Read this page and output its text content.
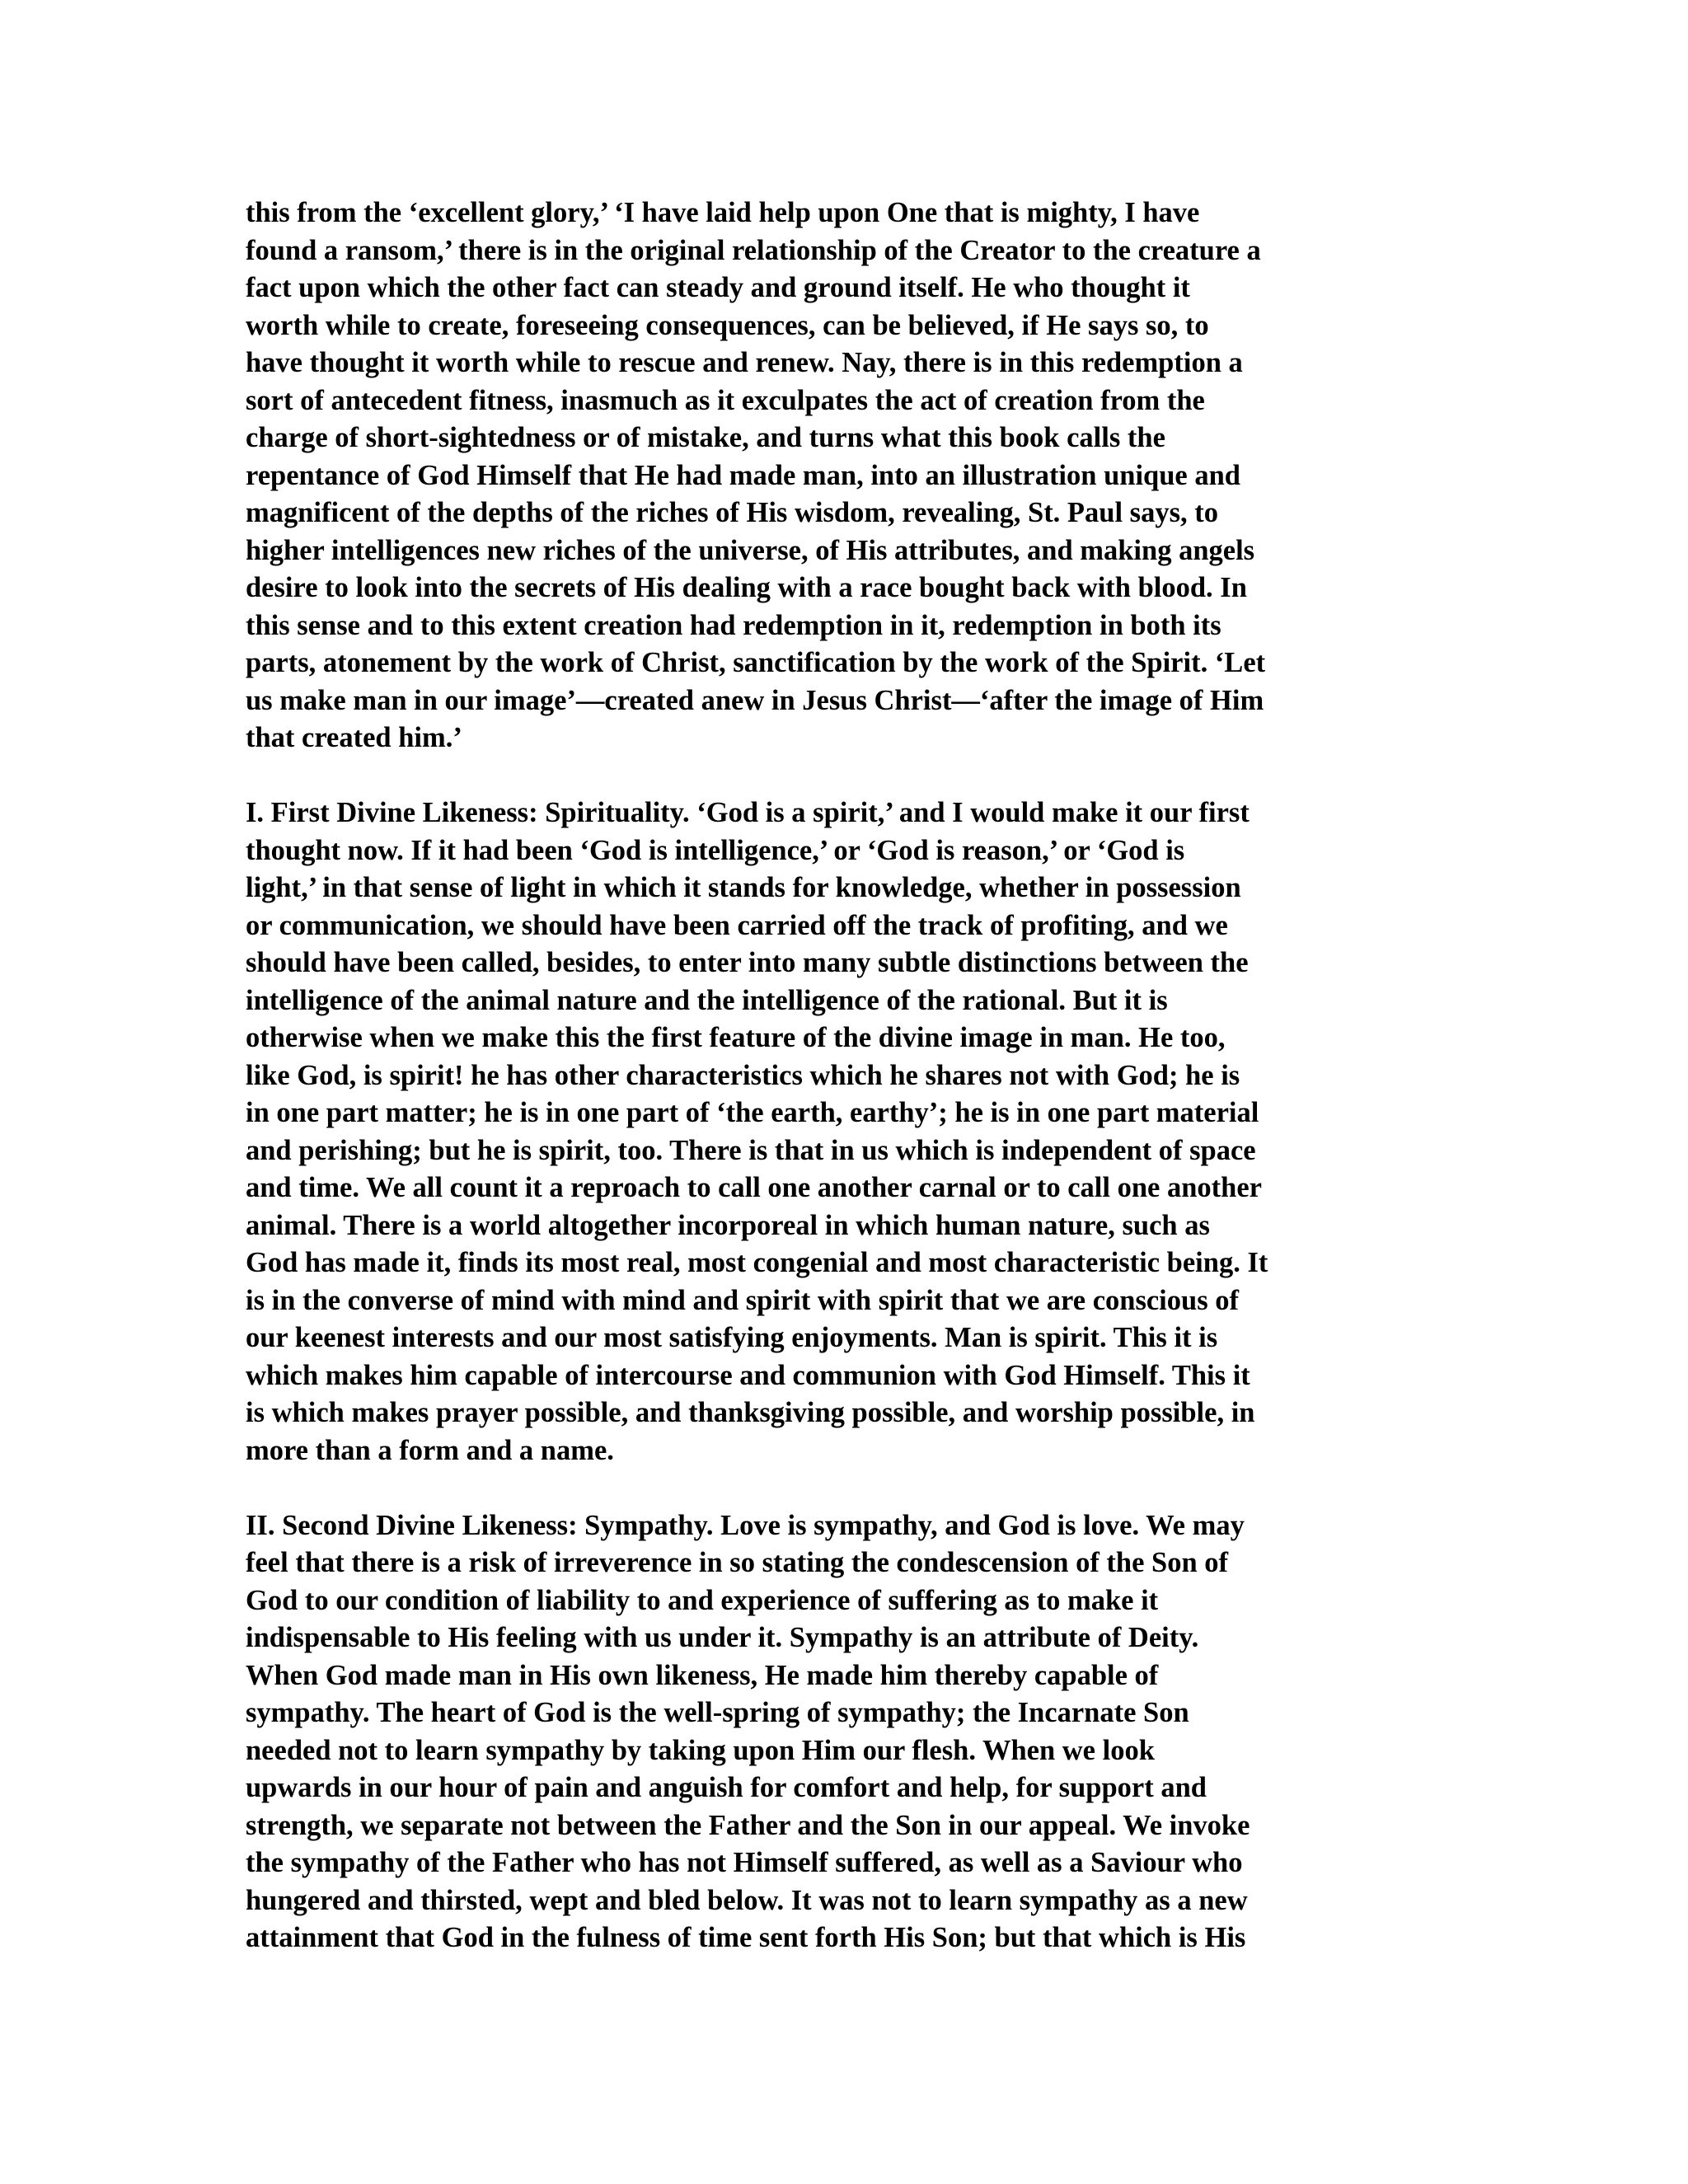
this from the ‘excellent glory,’ ‘I have laid help upon One that is mighty, I have
found a ransom,’ there is in the original relationship of the Creator to the creature a
fact upon which the other fact can steady and ground itself. He who thought it
worth while to create, foreseeing consequences, can be believed, if He says so, to
have thought it worth while to rescue and renew. Nay, there is in this redemption a
sort of antecedent fitness, inasmuch as it exculpates the act of creation from the
charge of short-sightedness or of mistake, and turns what this book calls the
repentance of God Himself that He had made man, into an illustration unique and
magnificent of the depths of the riches of His wisdom, revealing, St. Paul says, to
higher intelligences new riches of the universe, of His attributes, and making angels
desire to look into the secrets of His dealing with a race bought back with blood. In
this sense and to this extent creation had redemption in it, redemption in both its
parts, atonement by the work of Christ, sanctification by the work of the Spirit. ‘Let
us make man in our image’—created anew in Jesus Christ—‘after the image of Him
that created him.’
I. First Divine Likeness: Spirituality. ‘God is a spirit,’ and I would make it our first
thought now. If it had been ‘God is intelligence,’ or ‘God is reason,’ or ‘God is
light,’ in that sense of light in which it stands for knowledge, whether in possession
or communication, we should have been carried off the track of profiting, and we
should have been called, besides, to enter into many subtle distinctions between the
intelligence of the animal nature and the intelligence of the rational. But it is
otherwise when we make this the first feature of the divine image in man. He too,
like God, is spirit! he has other characteristics which he shares not with God; he is
in one part matter; he is in one part of ‘the earth, earthy’; he is in one part material
and perishing; but he is spirit, too. There is that in us which is independent of space
and time. We all count it a reproach to call one another carnal or to call one another
animal. There is a world altogether incorporeal in which human nature, such as
God has made it, finds its most real, most congenial and most characteristic being. It
is in the converse of mind with mind and spirit with spirit that we are conscious of
our keenest interests and our most satisfying enjoyments. Man is spirit. This it is
which makes him capable of intercourse and communion with God Himself. This it
is which makes prayer possible, and thanksgiving possible, and worship possible, in
more than a form and a name.
II. Second Divine Likeness: Sympathy. Love is sympathy, and God is love. We may
feel that there is a risk of irreverence in so stating the condescension of the Son of
God to our condition of liability to and experience of suffering as to make it
indispensable to His feeling with us under it. Sympathy is an attribute of Deity.
When God made man in His own likeness, He made him thereby capable of
sympathy. The heart of God is the well-spring of sympathy; the Incarnate Son
needed not to learn sympathy by taking upon Him our flesh. When we look
upwards in our hour of pain and anguish for comfort and help, for support and
strength, we separate not between the Father and the Son in our appeal. We invoke
the sympathy of the Father who has not Himself suffered, as well as a Saviour who
hungered and thirsted, wept and bled below. It was not to learn sympathy as a new
attainment that God in the fulness of time sent forth His Son; but that which is His
